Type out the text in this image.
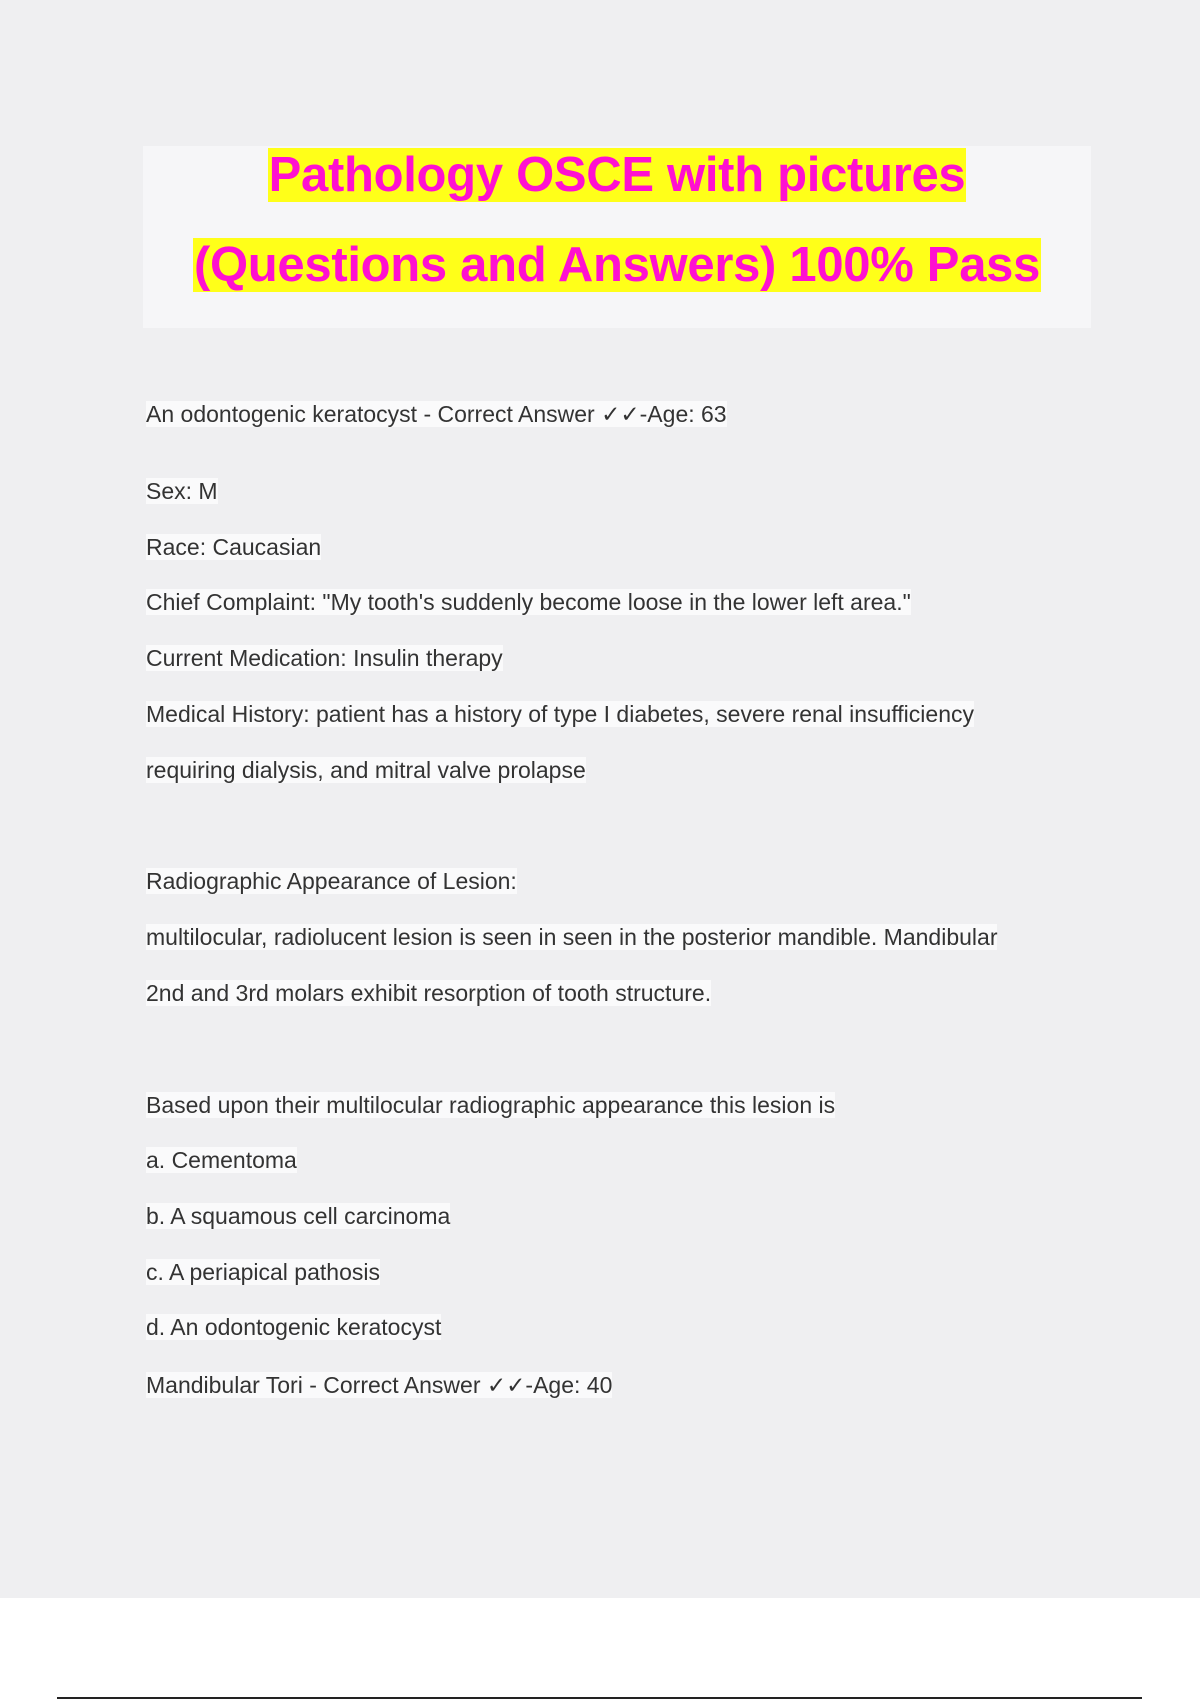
Pathology OSCE with pictures
(Questions and Answers) 100% Pass
An odontogenic keratocyst - Correct Answer ✓✓-Age: 63
Sex: M
Race: Caucasian
Chief Complaint: "My tooth's suddenly become loose in the lower left area."
Current Medication: Insulin therapy
Medical History: patient has a history of type I diabetes, severe renal insufficiency
requiring dialysis, and mitral valve prolapse
Radiographic Appearance of Lesion:
multilocular, radiolucent lesion is seen in seen in the posterior mandible. Mandibular
2nd and 3rd molars exhibit resorption of tooth structure.
Based upon their multilocular radiographic appearance this lesion is
a. Cementoma
b. A squamous cell carcinoma
c. A periapical pathosis
d. An odontogenic keratocyst
Mandibular Tori - Correct Answer ✓✓-Age: 40
